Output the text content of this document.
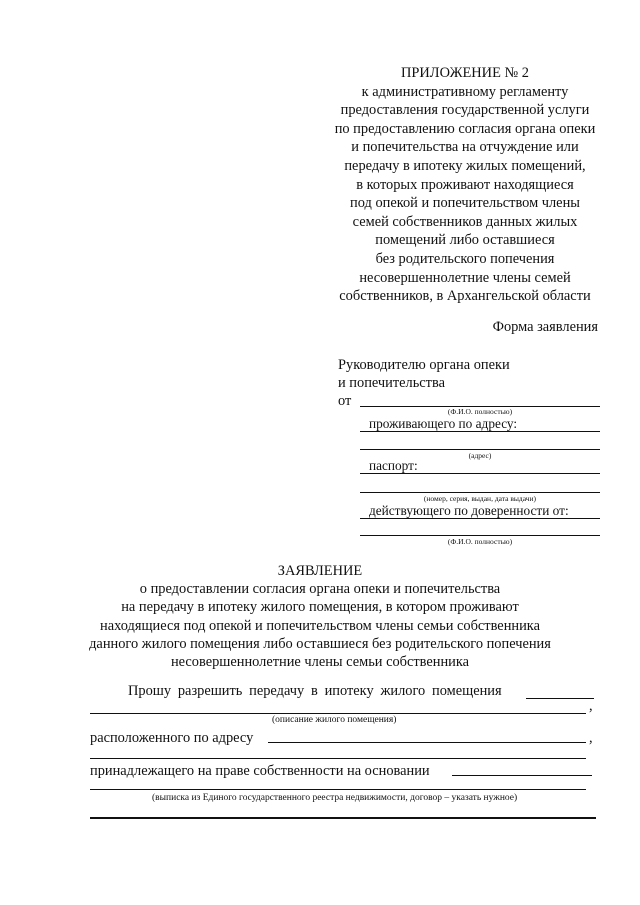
ПРИЛОЖЕНИЕ № 2
к административному регламенту
предоставления государственной услуги
по предоставлению согласия органа опеки
и попечительства на отчуждение или
передачу в ипотеку жилых помещений,
в которых проживают находящиеся
под опекой и попечительством члены
семей собственников данных жилых
помещений либо оставшиеся
без родительского попечения
несовершеннолетние члены семей
собственников, в Архангельской области
Форма заявления
Руководителю органа опеки
и попечительства
от
(Ф.И.О. полностью)
проживающего по адресу:
(адрес)
паспорт:
(номер, серия, выдан, дата выдачи)
действующего по доверенности от:
(Ф.И.О. полностью)
ЗАЯВЛЕНИЕ
о предоставлении согласия органа опеки и попечительства
на передачу в ипотеку жилого помещения, в котором проживают
находящиеся под опекой и попечительством члены семьи собственника
данного жилого помещения либо оставшиеся без родительского попечения
несовершеннолетние члены семьи собственника
Прошу разрешить передачу в ипотеку жилого помещения
,
(описание жилого помещения)
расположенного по адресу	,
принадлежащего на праве собственности на основании
(выписка из Единого государственного реестра недвижимости, договор – указать нужное)
